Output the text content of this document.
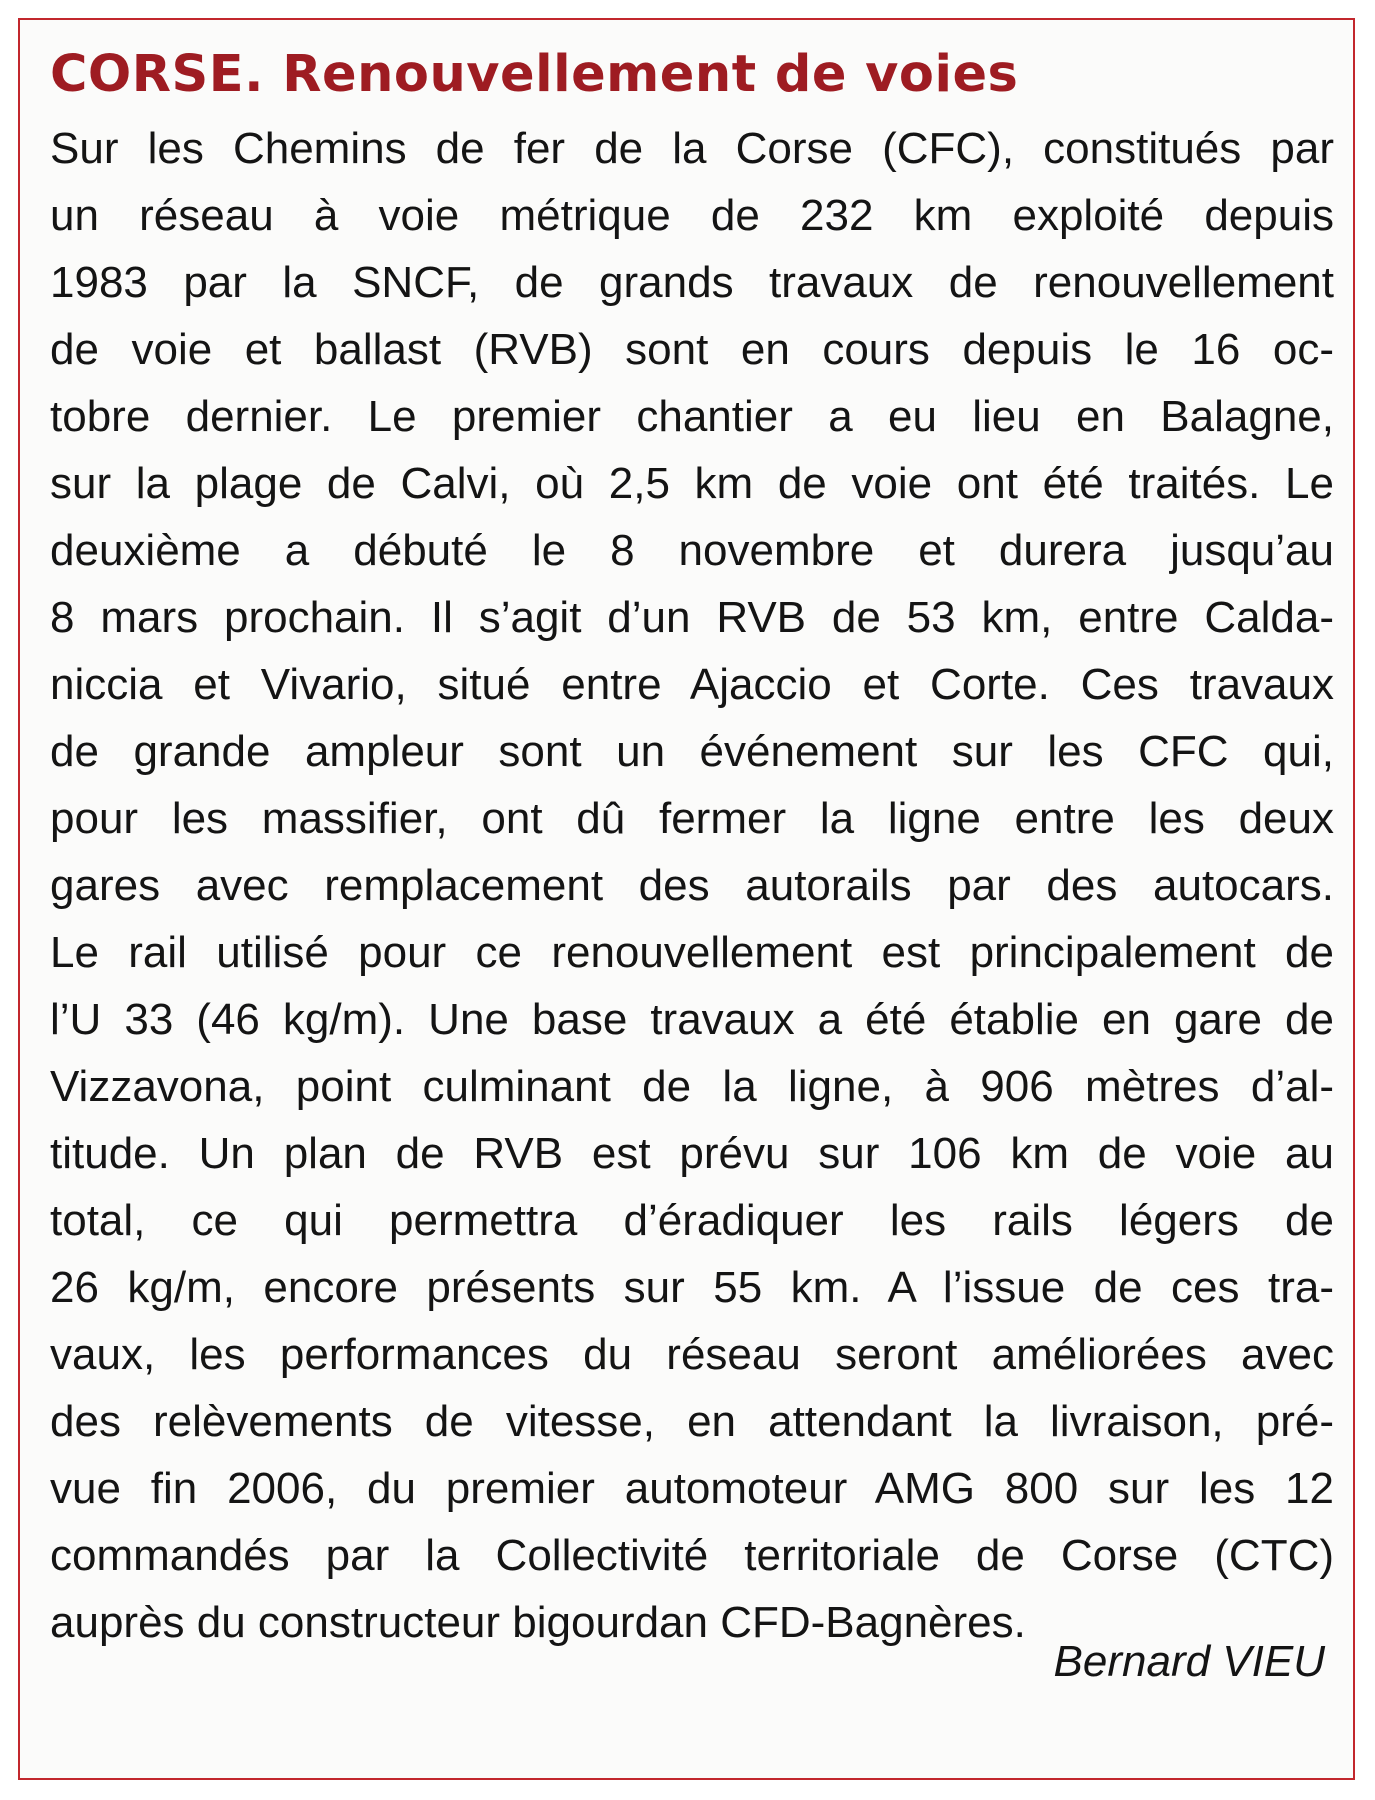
CORSE. Renouvellement de voies
Sur les Chemins de fer de la Corse (CFC), constitués par
un réseau à voie métrique de 232 km exploité depuis
1983 par la SNCF, de grands travaux de renouvellement
de voie et ballast (RVB) sont en cours depuis le 16 oc-
tobre dernier. Le premier chantier a eu lieu en Balagne,
sur la plage de Calvi, où 2,5 km de voie ont été traités. Le
deuxième a débuté le 8 novembre et durera jusqu’au
8 mars prochain. Il s’agit d’un RVB de 53 km, entre Calda-
niccia et Vivario, situé entre Ajaccio et Corte. Ces travaux
de grande ampleur sont un événement sur les CFC qui,
pour les massifier, ont dû fermer la ligne entre les deux
gares avec remplacement des autorails par des autocars.
Le rail utilisé pour ce renouvellement est principalement de
l’U 33 (46 kg/m). Une base travaux a été établie en gare de
Vizzavona, point culminant de la ligne, à 906 mètres d’al-
titude. Un plan de RVB est prévu sur 106 km de voie au
total, ce qui permettra d’éradiquer les rails légers de
26 kg/m, encore présents sur 55 km. A l’issue de ces tra-
vaux, les performances du réseau seront améliorées avec
des relèvements de vitesse, en attendant la livraison, pré-
vue fin 2006, du premier automoteur AMG 800 sur les 12
commandés par la Collectivité territoriale de Corse (CTC)
auprès du constructeur bigourdan CFD-Bagnères.
Bernard VIEU
